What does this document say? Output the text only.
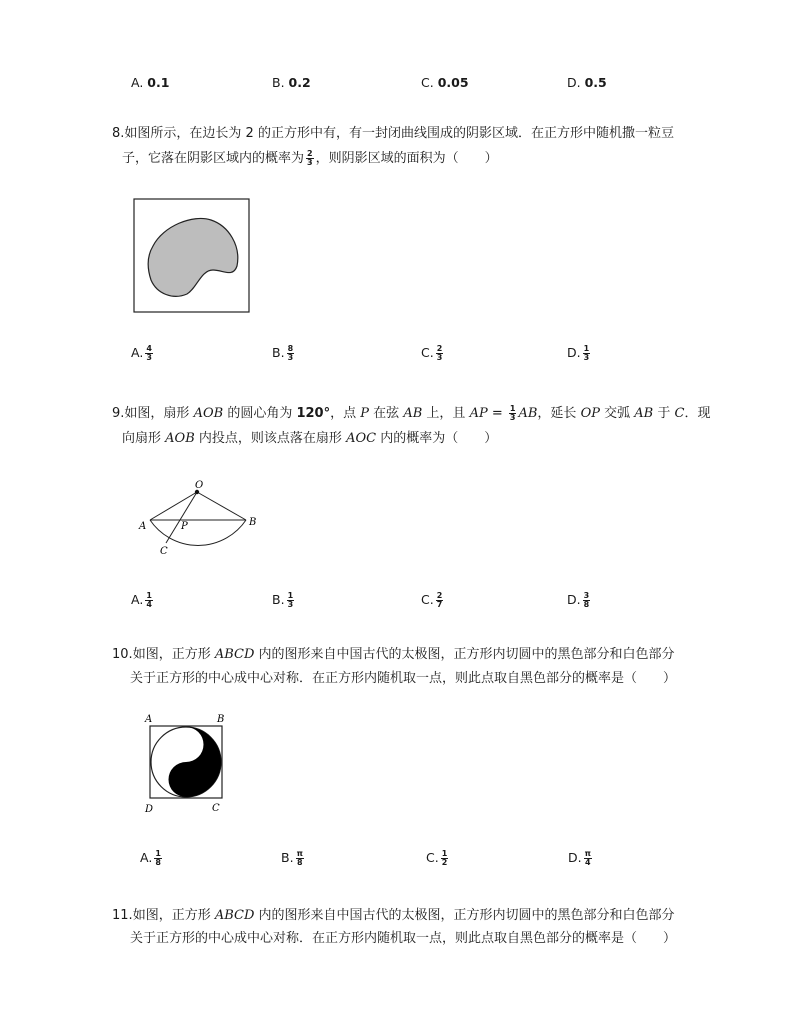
A. 0.1	B. 0.2	C. 0.05	D. 0.5
8.如图所示，在边长为 2 的正方形中有，有一封闭曲线围成的阴影区域．在正方形中随机撒一粒豆
子，它落在阴影区域内的概率为 $\frac{2}{3}$ ，则阴影区域的面积为（　　）
A. $\frac{4}{3}$	B. $\frac{8}{3}$	C. $\frac{2}{3}$	D. $\frac{1}{3}$
9.如图，扇形 AOB 的圆心角为 120°，点 P 在弦 AB 上，且 AP = $\frac{1}{3}$ AB，延长 OP 交弧 AB 于 C．现
向扇形 AOB 内投点，则该点落在扇形 AOC 内的概率为（　　）
O
A	B
P
C
A. $\frac{1}{4}$	B. $\frac{1}{3}$	C. $\frac{2}{7}$	D. $\frac{3}{8}$
10.如图，正方形 ABCD 内的图形来自中国古代的太极图，正方形内切圆中的黑色部分和白色部分
关于正方形的中心成中心对称．在正方形内随机取一点，则此点取自黑色部分的概率是（　　）
A	B
C
D
A. $\frac{1}{8}$	B. $\frac{\pi}{8}$	C. $\frac{1}{2}$	D. $\frac{\pi}{4}$
11.如图，正方形 ABCD 内的图形来自中国古代的太极图，正方形内切圆中的黑色部分和白色部分
关于正方形的中心成中心对称．在正方形内随机取一点，则此点取自黑色部分的概率是（　　）
